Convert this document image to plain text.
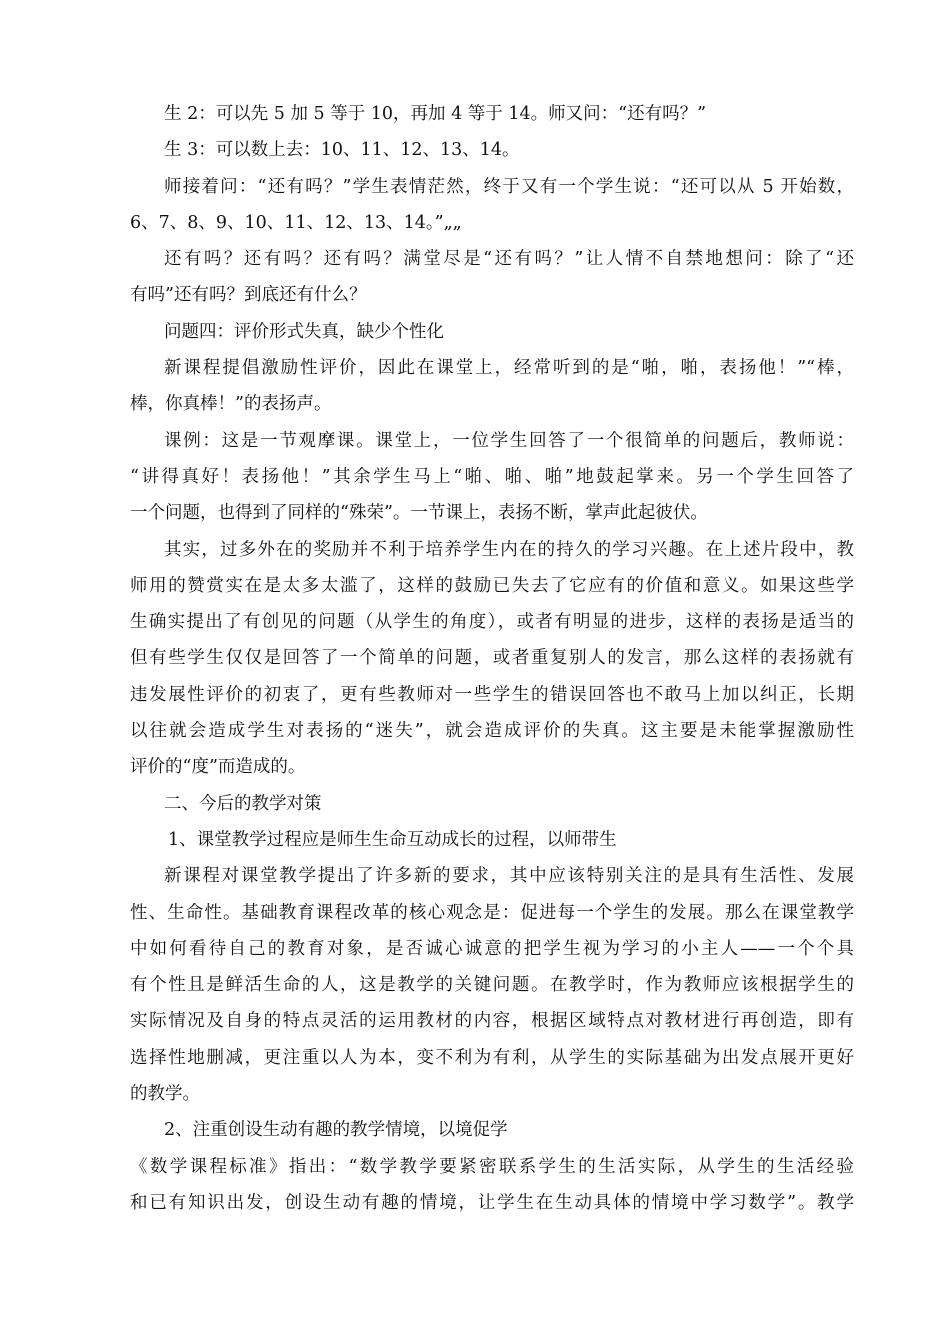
生 2：可以先 5 加 5 等于 10，再加 4 等于 14。师又问：“还有吗？”
生 3：可以数上去：10、11、12、13、14。
师接着问：“还有吗？”学生表情茫然，终于又有一个学生说：“还可以从 5 开始数，
6、7、8、9、10、11、12、13、14。”„„
还有吗？还有吗？还有吗？满堂尽是“还有吗？”让人情不自禁地想问：除了“还
有吗”还有吗？到底还有什么？
问题四：评价形式失真，缺少个性化
新课程提倡激励性评价，因此在课堂上，经常听到的是“啪，啪，表扬他！”“棒，
棒，你真棒！”的表扬声。
课例：这是一节观摩课。课堂上，一位学生回答了一个很简单的问题后，教师说：
“讲得真好！表扬他！”其余学生马上“啪、啪、啪”地鼓起掌来。另一个学生回答了
一个问题，也得到了同样的“殊荣”。一节课上，表扬不断，掌声此起彼伏。
其实，过多外在的奖励并不利于培养学生内在的持久的学习兴趣。在上述片段中，教
师用的赞赏实在是太多太滥了，这样的鼓励已失去了它应有的价值和意义。如果这些学
生确实提出了有创见的问题（从学生的角度），或者有明显的进步，这样的表扬是适当的
但有些学生仅仅是回答了一个简单的问题，或者重复别人的发言，那么这样的表扬就有
违发展性评价的初衷了，更有些教师对一些学生的错误回答也不敢马上加以纠正，长期
以往就会造成学生对表扬的“迷失”，就会造成评价的失真。这主要是未能掌握激励性
评价的“度”而造成的。
二、今后的教学对策
1、课堂教学过程应是师生生命互动成长的过程，以师带生
新课程对课堂教学提出了许多新的要求，其中应该特别关注的是具有生活性、发展
性、生命性。基础教育课程改革的核心观念是：促进每一个学生的发展。那么在课堂教学
中如何看待自己的教育对象，是否诚心诚意的把学生视为学习的小主人——一个个具
有个性且是鲜活生命的人，这是教学的关键问题。在教学时，作为教师应该根据学生的
实际情况及自身的特点灵活的运用教材的内容，根据区域特点对教材进行再创造，即有
选择性地删减，更注重以人为本，变不利为有利，从学生的实际基础为出发点展开更好
的教学。
2、注重创设生动有趣的教学情境，以境促学
《数学课程标准》指出：“数学教学要紧密联系学生的生活实际，从学生的生活经验
和已有知识出发，创设生动有趣的情境，让学生在生动具体的情境中学习数学”。教学
